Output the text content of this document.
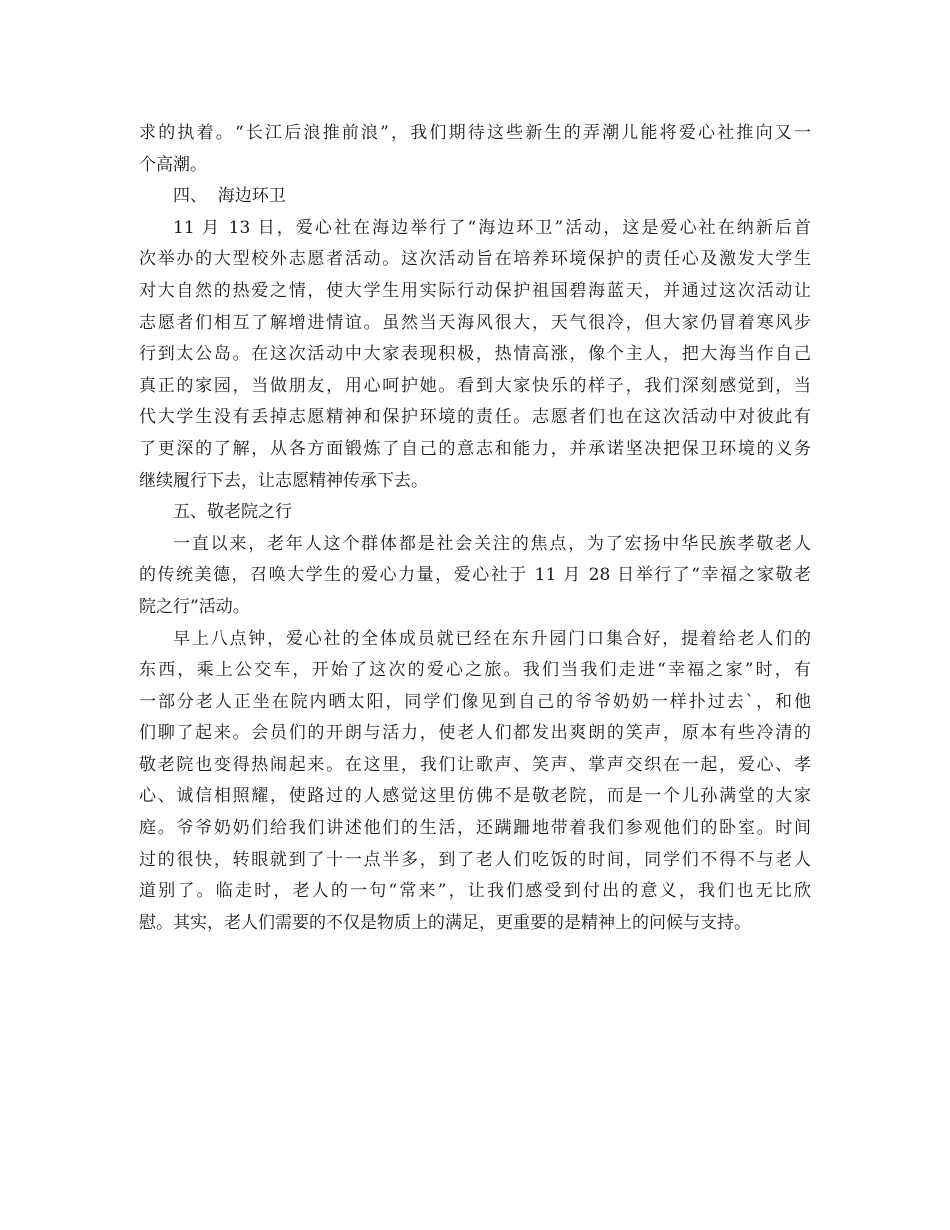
求的执着。“长江后浪推前浪”，我们期待这些新生的弄潮儿能将爱心社推向又一
个高潮。
四、  海边环卫
11 月 13 日，爱心社在海边举行了“海边环卫”活动，这是爱心社在纳新后首
次举办的大型校外志愿者活动。这次活动旨在培养环境保护的责任心及激发大学生
对大自然的热爱之情，使大学生用实际行动保护祖国碧海蓝天，并通过这次活动让
志愿者们相互了解增进情谊。虽然当天海风很大，天气很冷，但大家仍冒着寒风步
行到太公岛。在这次活动中大家表现积极，热情高涨，像个主人，把大海当作自己
真正的家园，当做朋友，用心呵护她。看到大家快乐的样子，我们深刻感觉到，当
代大学生没有丢掉志愿精神和保护环境的责任。志愿者们也在这次活动中对彼此有
了更深的了解，从各方面锻炼了自己的意志和能力，并承诺坚决把保卫环境的义务
继续履行下去，让志愿精神传承下去。
五、敬老院之行
一直以来，老年人这个群体都是社会关注的焦点，为了宏扬中华民族孝敬老人
的传统美德，召唤大学生的爱心力量，爱心社于 11 月 28 日举行了“幸福之家敬老
院之行”活动。
早上八点钟，爱心社的全体成员就已经在东升园门口集合好，提着给老人们的
东西，乘上公交车，开始了这次的爱心之旅。我们当我们走进“幸福之家”时，有
一部分老人正坐在院内晒太阳，同学们像见到自己的爷爷奶奶一样扑过去`，和他
们聊了起来。会员们的开朗与活力，使老人们都发出爽朗的笑声，原本有些冷清的
敬老院也变得热闹起来。在这里，我们让歌声、笑声、掌声交织在一起，爱心、孝
心、诚信相照耀，使路过的人感觉这里仿佛不是敬老院，而是一个儿孙满堂的大家
庭。爷爷奶奶们给我们讲述他们的生活，还蹒跚地带着我们参观他们的卧室。时间
过的很快，转眼就到了十一点半多，到了老人们吃饭的时间，同学们不得不与老人
道别了。临走时，老人的一句“常来”，让我们感受到付出的意义，我们也无比欣
慰。其实，老人们需要的不仅是物质上的满足，更重要的是精神上的问候与支持。
